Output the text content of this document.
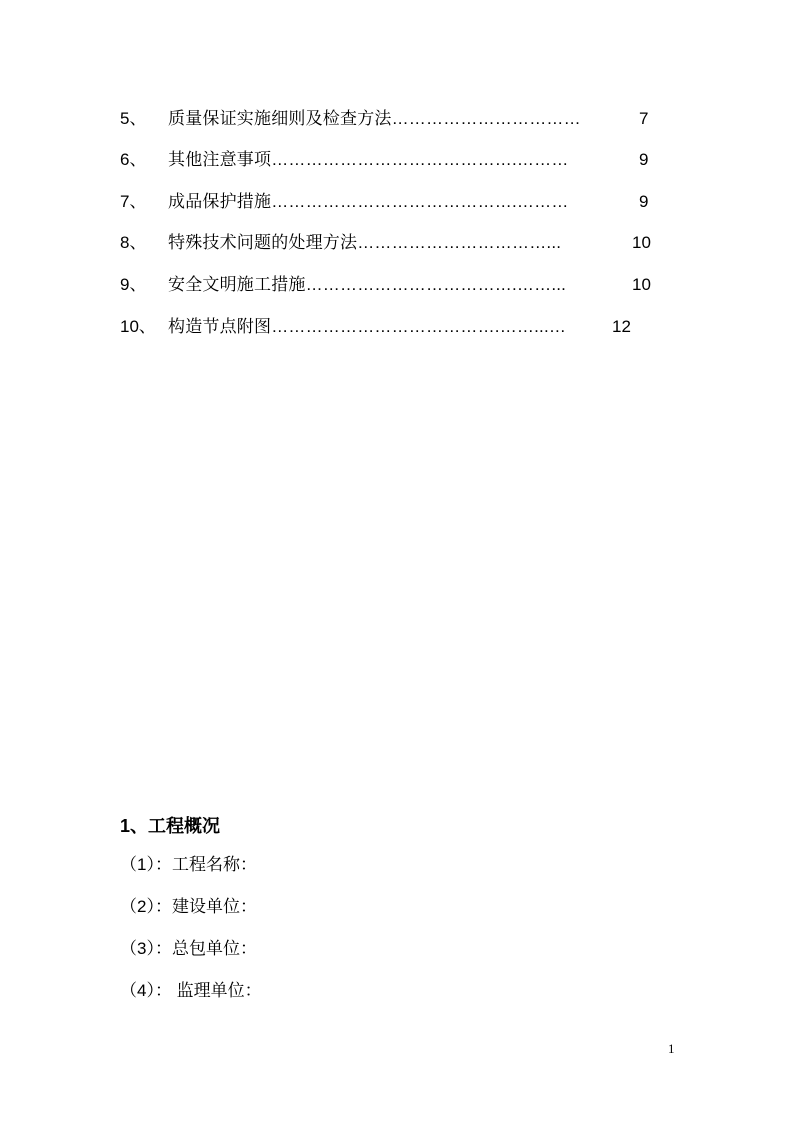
5、 质量保证实施细则及检查方法……………………………	7
6、 其他注意事项…………………………………….………	9
7、 成品保护措施…………………………………….………	9
8、 特殊技术问题的处理方法……………………………...	10
9、 安全文明施工措施……………………………….……...	10
10、 构造节点附图………………………………….……...…	12
1、工程概况
（1）：工程名称：
（2）：建设单位：
（3）：总包单位：
（4）： 监理单位：
1
